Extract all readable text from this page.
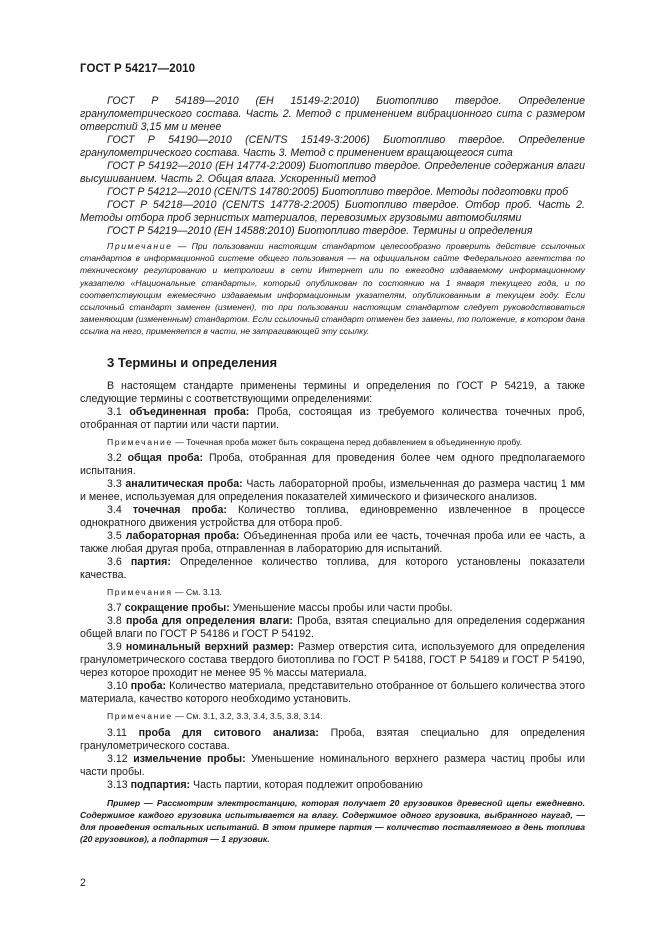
ГОСТ Р 54217—2010

ГОСТ Р 54189—2010 (ЕН 15149-2:2010) Биотопливо твердое. Определение гранулометрического состава. Часть 2. Метод с применением вибрационного сита с размером отверстий 3,15 мм и менее

ГОСТ Р 54190—2010 (CEN/TS 15149-3:2006) Биотопливо твердое. Определение гранулометрического состава. Часть 3. Метод с применением вращающегося сита

ГОСТ Р 54192—2010 (ЕН 14774-2:2009) Биотопливо твердое. Определение содержания влаги высушиванием. Часть 2. Общая влага. Ускоренный метод

ГОСТ Р 54212—2010 (CEN/TS 14780:2005) Биотопливо твердое. Методы подготовки проб

ГОСТ Р 54218—2010 (CEN/TS 14778-2:2005) Биотопливо твердое. Отбор проб. Часть 2. Методы отбора проб зернистых материалов, перевозимых грузовыми автомобилями

ГОСТ Р 54219—2010 (ЕН 14588:2010) Биотопливо твердое. Термины и определения

Примечание — При пользовании настоящим стандартом целесообразно проверить действие ссылочных стандартов в информационной системе общего пользования — на официальном сайте Федерального агентства по техническому регулированию и метрологии в сети Интернет или по ежегодно издаваемому информационному указателю «Национальные стандарты», который опубликован по состоянию на 1 января текущего года, и по соответствующим ежемесячно издаваемым информационным указателям, опубликованным в текущем году. Если ссылочный стандарт заменен (изменен), то при пользовании настоящим стандартом следует руководствоваться заменяющим (измененным) стандартом. Если ссылочный стандарт отменен без замены, то положение, в котором дана ссылка на него, применяется в части, не затрагивающей эту ссылку.

3 Термины и определения

В настоящем стандарте применены термины и определения по ГОСТ Р 54219, а также следующие термины с соответствующими определениями:

3.1 объединенная проба: Проба, состоящая из требуемого количества точечных проб, отобранная от партии или части партии.

Примечание — Точечная проба может быть сокращена перед добавлением в объединенную пробу.

3.2 общая проба: Проба, отобранная для проведения более чем одного предполагаемого испытания.

3.3 аналитическая проба: Часть лабораторной пробы, измельченная до размера частиц 1 мм и менее, используемая для определения показателей химического и физического анализов.

3.4 точечная проба: Количество топлива, единовременно извлеченное в процессе однократного движения устройства для отбора проб.

3.5 лабораторная проба: Объединенная проба или ее часть, точечная проба или ее часть, а также любая другая проба, отправленная в лабораторию для испытаний.

3.6 партия: Определенное количество топлива, для которого установлены показатели качества.

Примечания — См. 3.13.

3.7 сокращение пробы: Уменьшение массы пробы или части пробы.

3.8 проба для определения влаги: Проба, взятая специально для определения содержания общей влаги по ГОСТ Р 54186 и ГОСТ Р 54192.

3.9 номинальный верхний размер: Размер отверстия сита, используемого для определения гранулометрического состава твердого биотоплива по ГОСТ Р 54188, ГОСТ Р 54189 и ГОСТ Р 54190, через которое проходит не менее 95 % массы материала.

3.10 проба: Количество материала, представительно отобранное от большего количества этого материала, качество которого необходимо установить.

Примечание — См. 3.1, 3.2, 3.3, 3.4, 3.5, 3.8, 3.14.

3.11 проба для ситового анализа: Проба, взятая специально для определения гранулометрического состава.

3.12 измельчение пробы: Уменьшение номинального верхнего размера частиц пробы или части пробы.

3.13 подпартия: Часть партии, которая подлежит опробованию

Пример — Рассмотрим электростанцию, которая получает 20 грузовиков древесной щепы ежедневно. Содержимое каждого грузовика испытывается на влагу. Содержимое одного грузовика, выбранного наугад, — для проведения остальных испытаний. В этом примере партия — количество поставляемого в день топлива (20 грузовиков), а подпартия — 1 грузовик.

2
